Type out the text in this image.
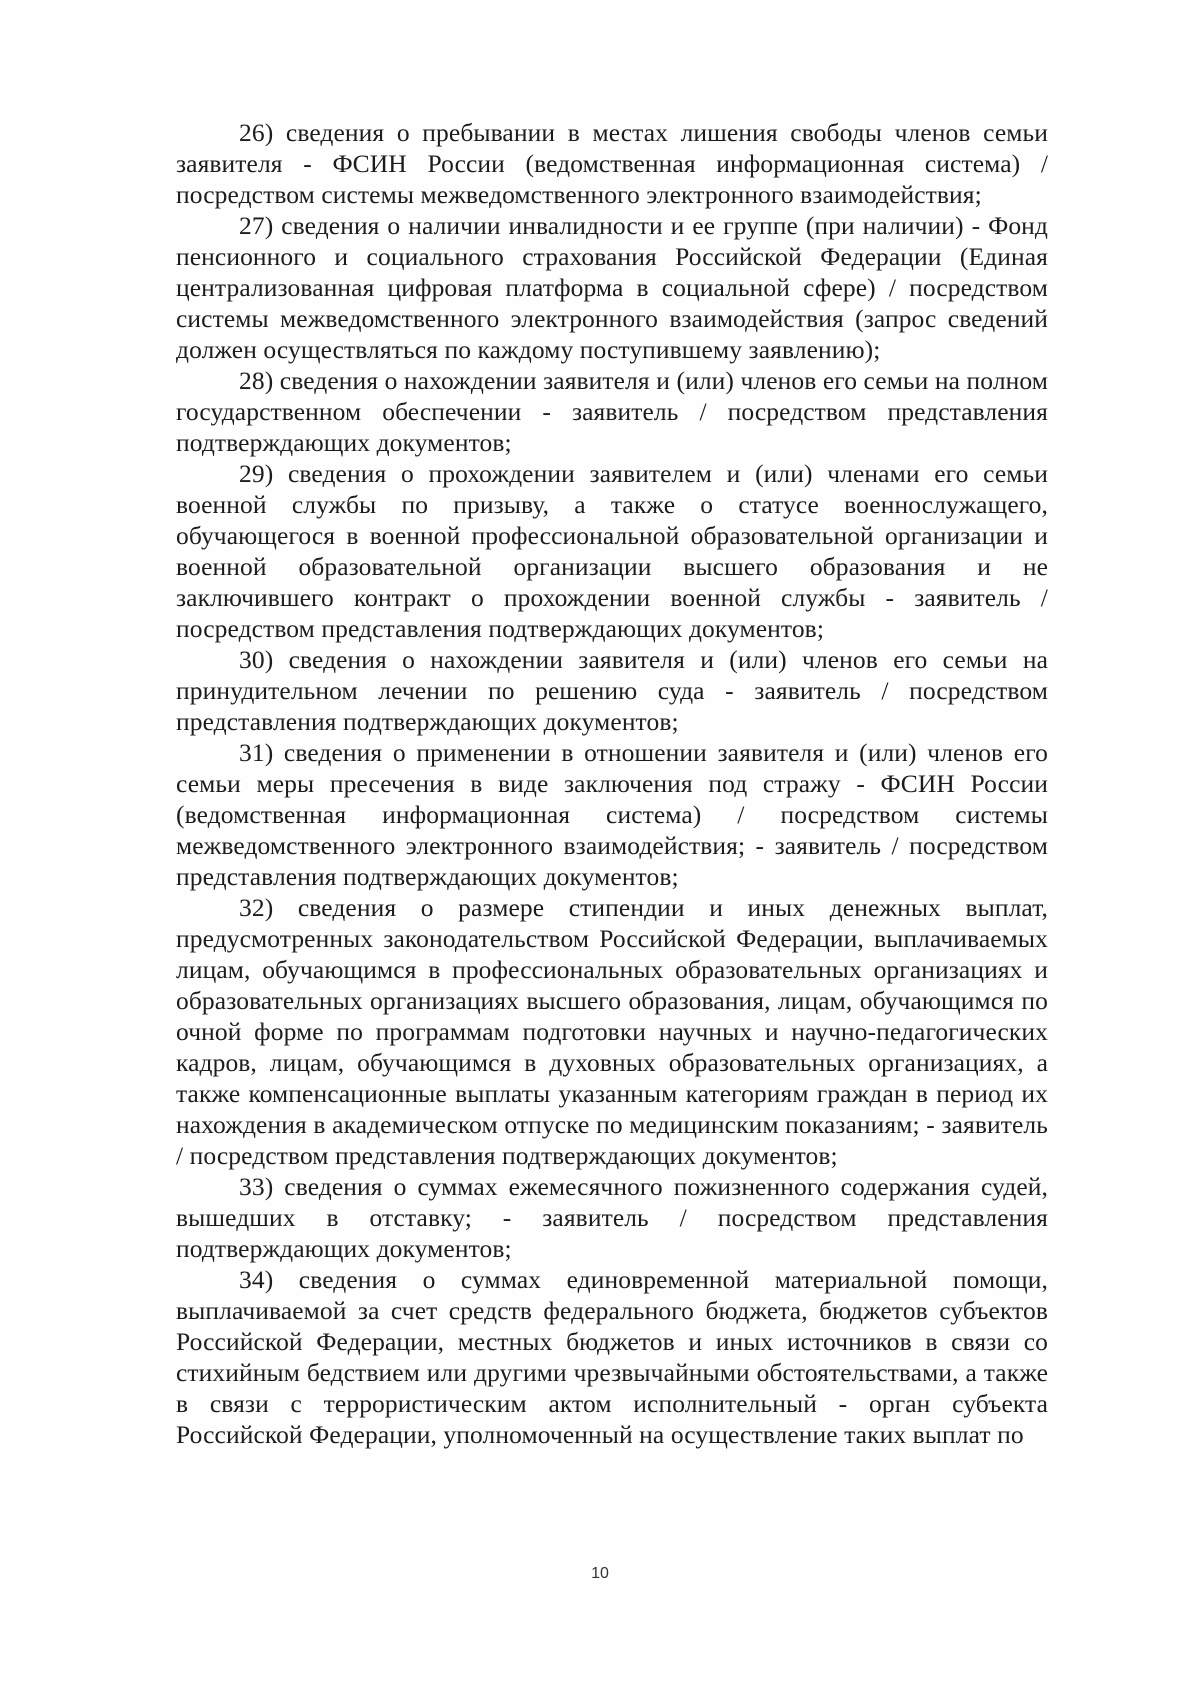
26) сведения о пребывании в местах лишения свободы членов семьи заявителя - ФСИН России (ведомственная информационная система) / посредством системы межведомственного электронного взаимодействия;

27) сведения о наличии инвалидности и ее группе (при наличии) - Фонд пенсионного и социального страхования Российской Федерации (Единая централизованная цифровая платформа в социальной сфере) / посредством системы межведомственного электронного взаимодействия (запрос сведений должен осуществляться по каждому поступившему заявлению);

28) сведения о нахождении заявителя и (или) членов его семьи на полном государственном обеспечении - заявитель / посредством представления подтверждающих документов;

29) сведения о прохождении заявителем и (или) членами его семьи военной службы по призыву, а также о статусе военнослужащего, обучающегося в военной профессиональной образовательной организации и военной образовательной организации высшего образования и не заключившего контракт о прохождении военной службы - заявитель / посредством представления подтверждающих документов;

30) сведения о нахождении заявителя и (или) членов его семьи на принудительном лечении по решению суда - заявитель / посредством представления подтверждающих документов;

31) сведения о применении в отношении заявителя и (или) членов его семьи меры пресечения в виде заключения под стражу - ФСИН России (ведомственная информационная система) / посредством системы межведомственного электронного взаимодействия; - заявитель / посредством представления подтверждающих документов;

32) сведения о размере стипендии и иных денежных выплат, предусмотренных законодательством Российской Федерации, выплачиваемых лицам, обучающимся в профессиональных образовательных организациях и образовательных организациях высшего образования, лицам, обучающимся по очной форме по программам подготовки научных и научно-педагогических кадров, лицам, обучающимся в духовных образовательных организациях, а также компенсационные выплаты указанным категориям граждан в период их нахождения в академическом отпуске по медицинским показаниям; - заявитель / посредством представления подтверждающих документов;

33) сведения о суммах ежемесячного пожизненного содержания судей, вышедших в отставку; - заявитель / посредством представления подтверждающих документов;

34) сведения о суммах единовременной материальной помощи, выплачиваемой за счет средств федерального бюджета, бюджетов субъектов Российской Федерации, местных бюджетов и иных источников в связи со стихийным бедствием или другими чрезвычайными обстоятельствами, а также в связи с террористическим актом исполнительный - орган субъекта Российской Федерации, уполномоченный на осуществление таких выплат по

10
